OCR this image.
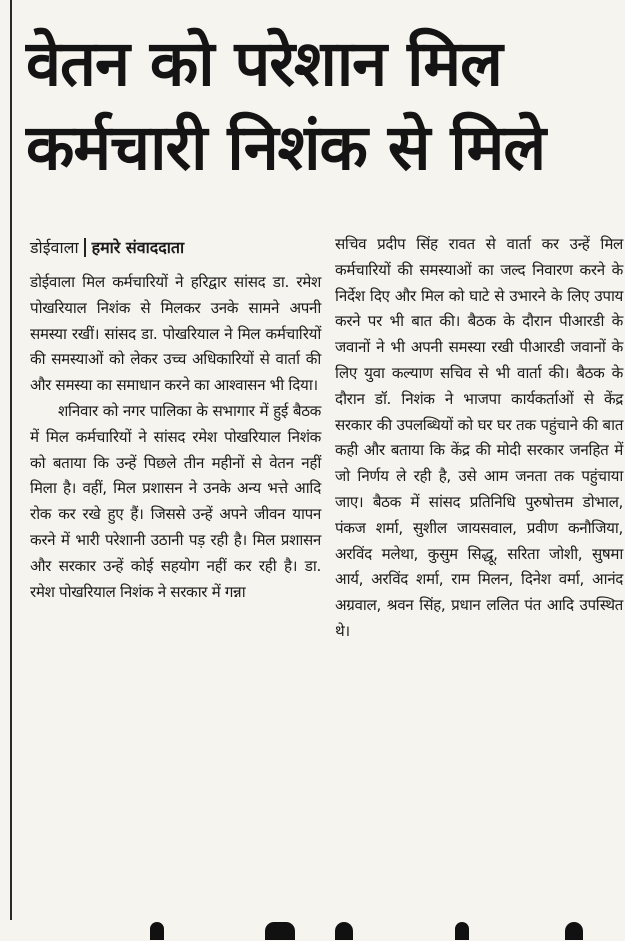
वेतन को परेशान मिल
कर्मचारी निशंक से मिले
डोईवाला हमारे संवाददाता

डोईवाला मिल कर्मचारियों ने हरिद्वार सांसद डा. रमेश पोखरियाल निशंक से मिलकर उनके सामने अपनी समस्या रखीं। सांसद डा. पोखरियाल ने मिल कर्मचारियों की समस्याओं को लेकर उच्च अधिकारियों से वार्ता की और समस्या का समाधान करने का आश्वासन भी दिया।

शनिवार को नगर पालिका के सभागार में हुई बैठक में मिल कर्मचारियों ने सांसद रमेश पोखरियाल निशंक को बताया कि उन्हें पिछले तीन महीनों से वेतन नहीं मिला है। वहीं, मिल प्रशासन ने उनके अन्य भत्ते आदि रोक कर रखे हुए हैं। जिससे उन्हें अपने जीवन यापन करने में भारी परेशानी उठानी पड़ रही है। मिल प्रशासन और सरकार उन्हें कोई सहयोग नहीं कर रही है। डा. रमेश पोखरियाल निशंक ने सरकार में गन्ना

सचिव प्रदीप सिंह रावत से वार्ता कर उन्हें मिल कर्मचारियों की समस्याओं का जल्द निवारण करने के निर्देश दिए और मिल को घाटे से उभारने के लिए उपाय करने पर भी बात की। बैठक के दौरान पीआरडी के जवानों ने भी अपनी समस्या रखी पीआरडी जवानों के लिए युवा कल्याण सचिव से भी वार्ता की। बैठक के दौरान डॉ. निशंक ने भाजपा कार्यकर्ताओं से केंद्र सरकार की उपलब्धियों को घर घर तक पहुंचाने की बात कही और बताया कि केंद्र की मोदी सरकार जनहित में जो निर्णय ले रही है, उसे आम जनता तक पहुंचाया जाए। बैठक में सांसद प्रतिनिधि पुरुषोत्तम डोभाल, पंकज शर्मा, सुशील जायसवाल, प्रवीण कनौजिया, अरविंद मलेथा, कुसुम सिद्धू, सरिता जोशी, सुषमा आर्य, अरविंद शर्मा, राम मिलन, दिनेश वर्मा, आनंद अग्रवाल, श्रवन सिंह, प्रधान ललित पंत आदि उपस्थित थे।
